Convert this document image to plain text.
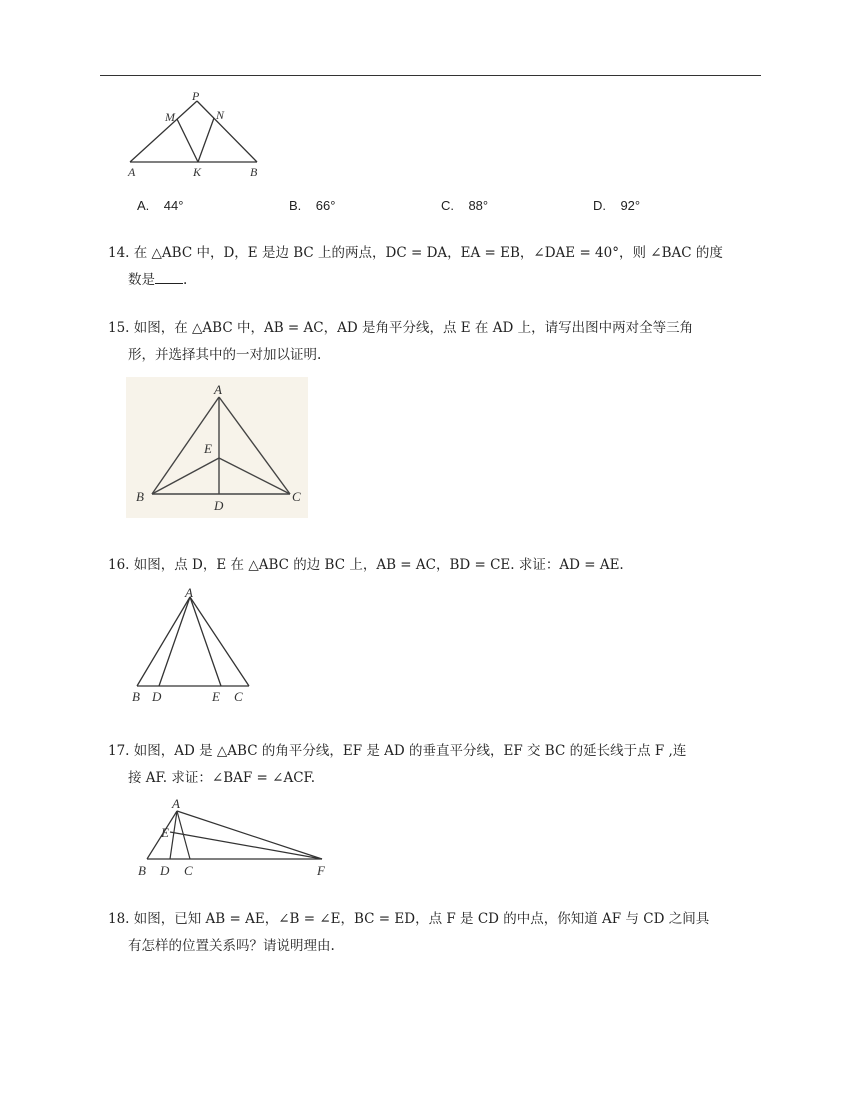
P
M	N
A	K	B
A. 44°	B. 66°	C. 88°	D. 92°
14. 在 △ABC 中，D，E 是边 BC 上的两点，DC = DA，EA = EB，∠DAE = 40°，则 ∠BAC 的度
数是 .
15. 如图，在 △ABC 中，AB = AC，AD 是角平分线，点 E 在 AD 上，请写出图中两对全等三角
形，并选择其中的一对加以证明.
A
E
B	C
D
16. 如图，点 D，E 在 △ABC 的边 BC 上，AB = AC，BD = CE. 求证：AD = AE.
A
B D	E C
17. 如图，AD 是 △ABC 的角平分线，EF 是 AD 的垂直平分线，EF 交 BC 的延长线于点 F ,连
接 AF. 求证：∠BAF = ∠ACF.
A
E
B D C	F
18. 如图，已知 AB = AE，∠B = ∠E，BC = ED，点 F 是 CD 的中点，你知道 AF 与 CD 之间具
有怎样的位置关系吗？请说明理由.
